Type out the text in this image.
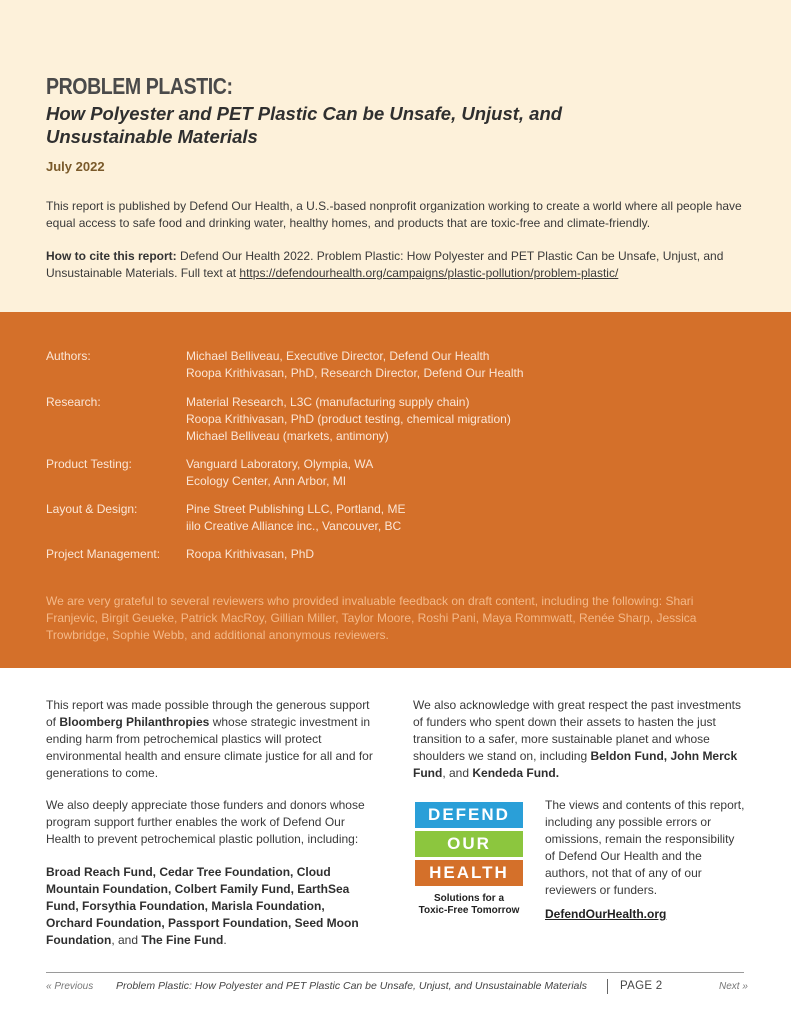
PROBLEM PLASTIC:
How Polyester and PET Plastic Can be Unsafe, Unjust, and Unsustainable Materials
July 2022
This report is published by Defend Our Health, a U.S.-based nonprofit organization working to create a world where all people have equal access to safe food and drinking water, healthy homes, and products that are toxic-free and climate-friendly.
How to cite this report: Defend Our Health 2022. Problem Plastic: How Polyester and PET Plastic Can be Unsafe, Unjust, and Unsustainable Materials. Full text at https://defendourhealth.org/campaigns/plastic-pollution/problem-plastic/
Authors:	Michael Belliveau, Executive Director, Defend Our Health
Roopa Krithivasan, PhD, Research Director, Defend Our Health
Research:	Material Research, L3C (manufacturing supply chain)
Roopa Krithivasan, PhD (product testing, chemical migration)
Michael Belliveau (markets, antimony)
Product Testing:	Vanguard Laboratory, Olympia, WA
Ecology Center, Ann Arbor, MI
Layout & Design:	Pine Street Publishing LLC, Portland, ME
iilo Creative Alliance inc., Vancouver, BC
Project Management:	Roopa Krithivasan, PhD
We are very grateful to several reviewers who provided invaluable feedback on draft content, including the following: Shari Franjevic, Birgit Geueke, Patrick MacRoy, Gillian Miller, Taylor Moore, Roshi Pani, Maya Rommwatt, Renée Sharp, Jessica Trowbridge, Sophie Webb, and additional anonymous reviewers.
This report was made possible through the generous support of Bloomberg Philanthropies whose strategic investment in ending harm from petrochemical plastics will protect environmental health and ensure climate justice for all and for generations to come.
We also deeply appreciate those funders and donors whose program support further enables the work of Defend Our Health to prevent petrochemical plastic pollution, including:
Broad Reach Fund, Cedar Tree Foundation, Cloud Mountain Foundation, Colbert Family Fund, EarthSea Fund, Forsythia Foundation, Marisla Foundation, Orchard Foundation, Passport Foundation, Seed Moon Foundation, and The Fine Fund.
We also acknowledge with great respect the past investments of funders who spent down their assets to hasten the just transition to a safer, more sustainable planet and whose shoulders we stand on, including Beldon Fund, John Merck Fund, and Kendeda Fund.
DEFEND
OUR
HEALTH
Solutions for a
Toxic-Free Tomorrow
The views and contents of this report, including any possible errors or omissions, remain the responsibility of Defend Our Health and the authors, not that of any of our reviewers or funders.
DefendOurHealth.org
« Previous Problem Plastic: How Polyester and PET Plastic Can be Unsafe, Unjust, and Unsustainable Materials	PAGE 2	Next »
